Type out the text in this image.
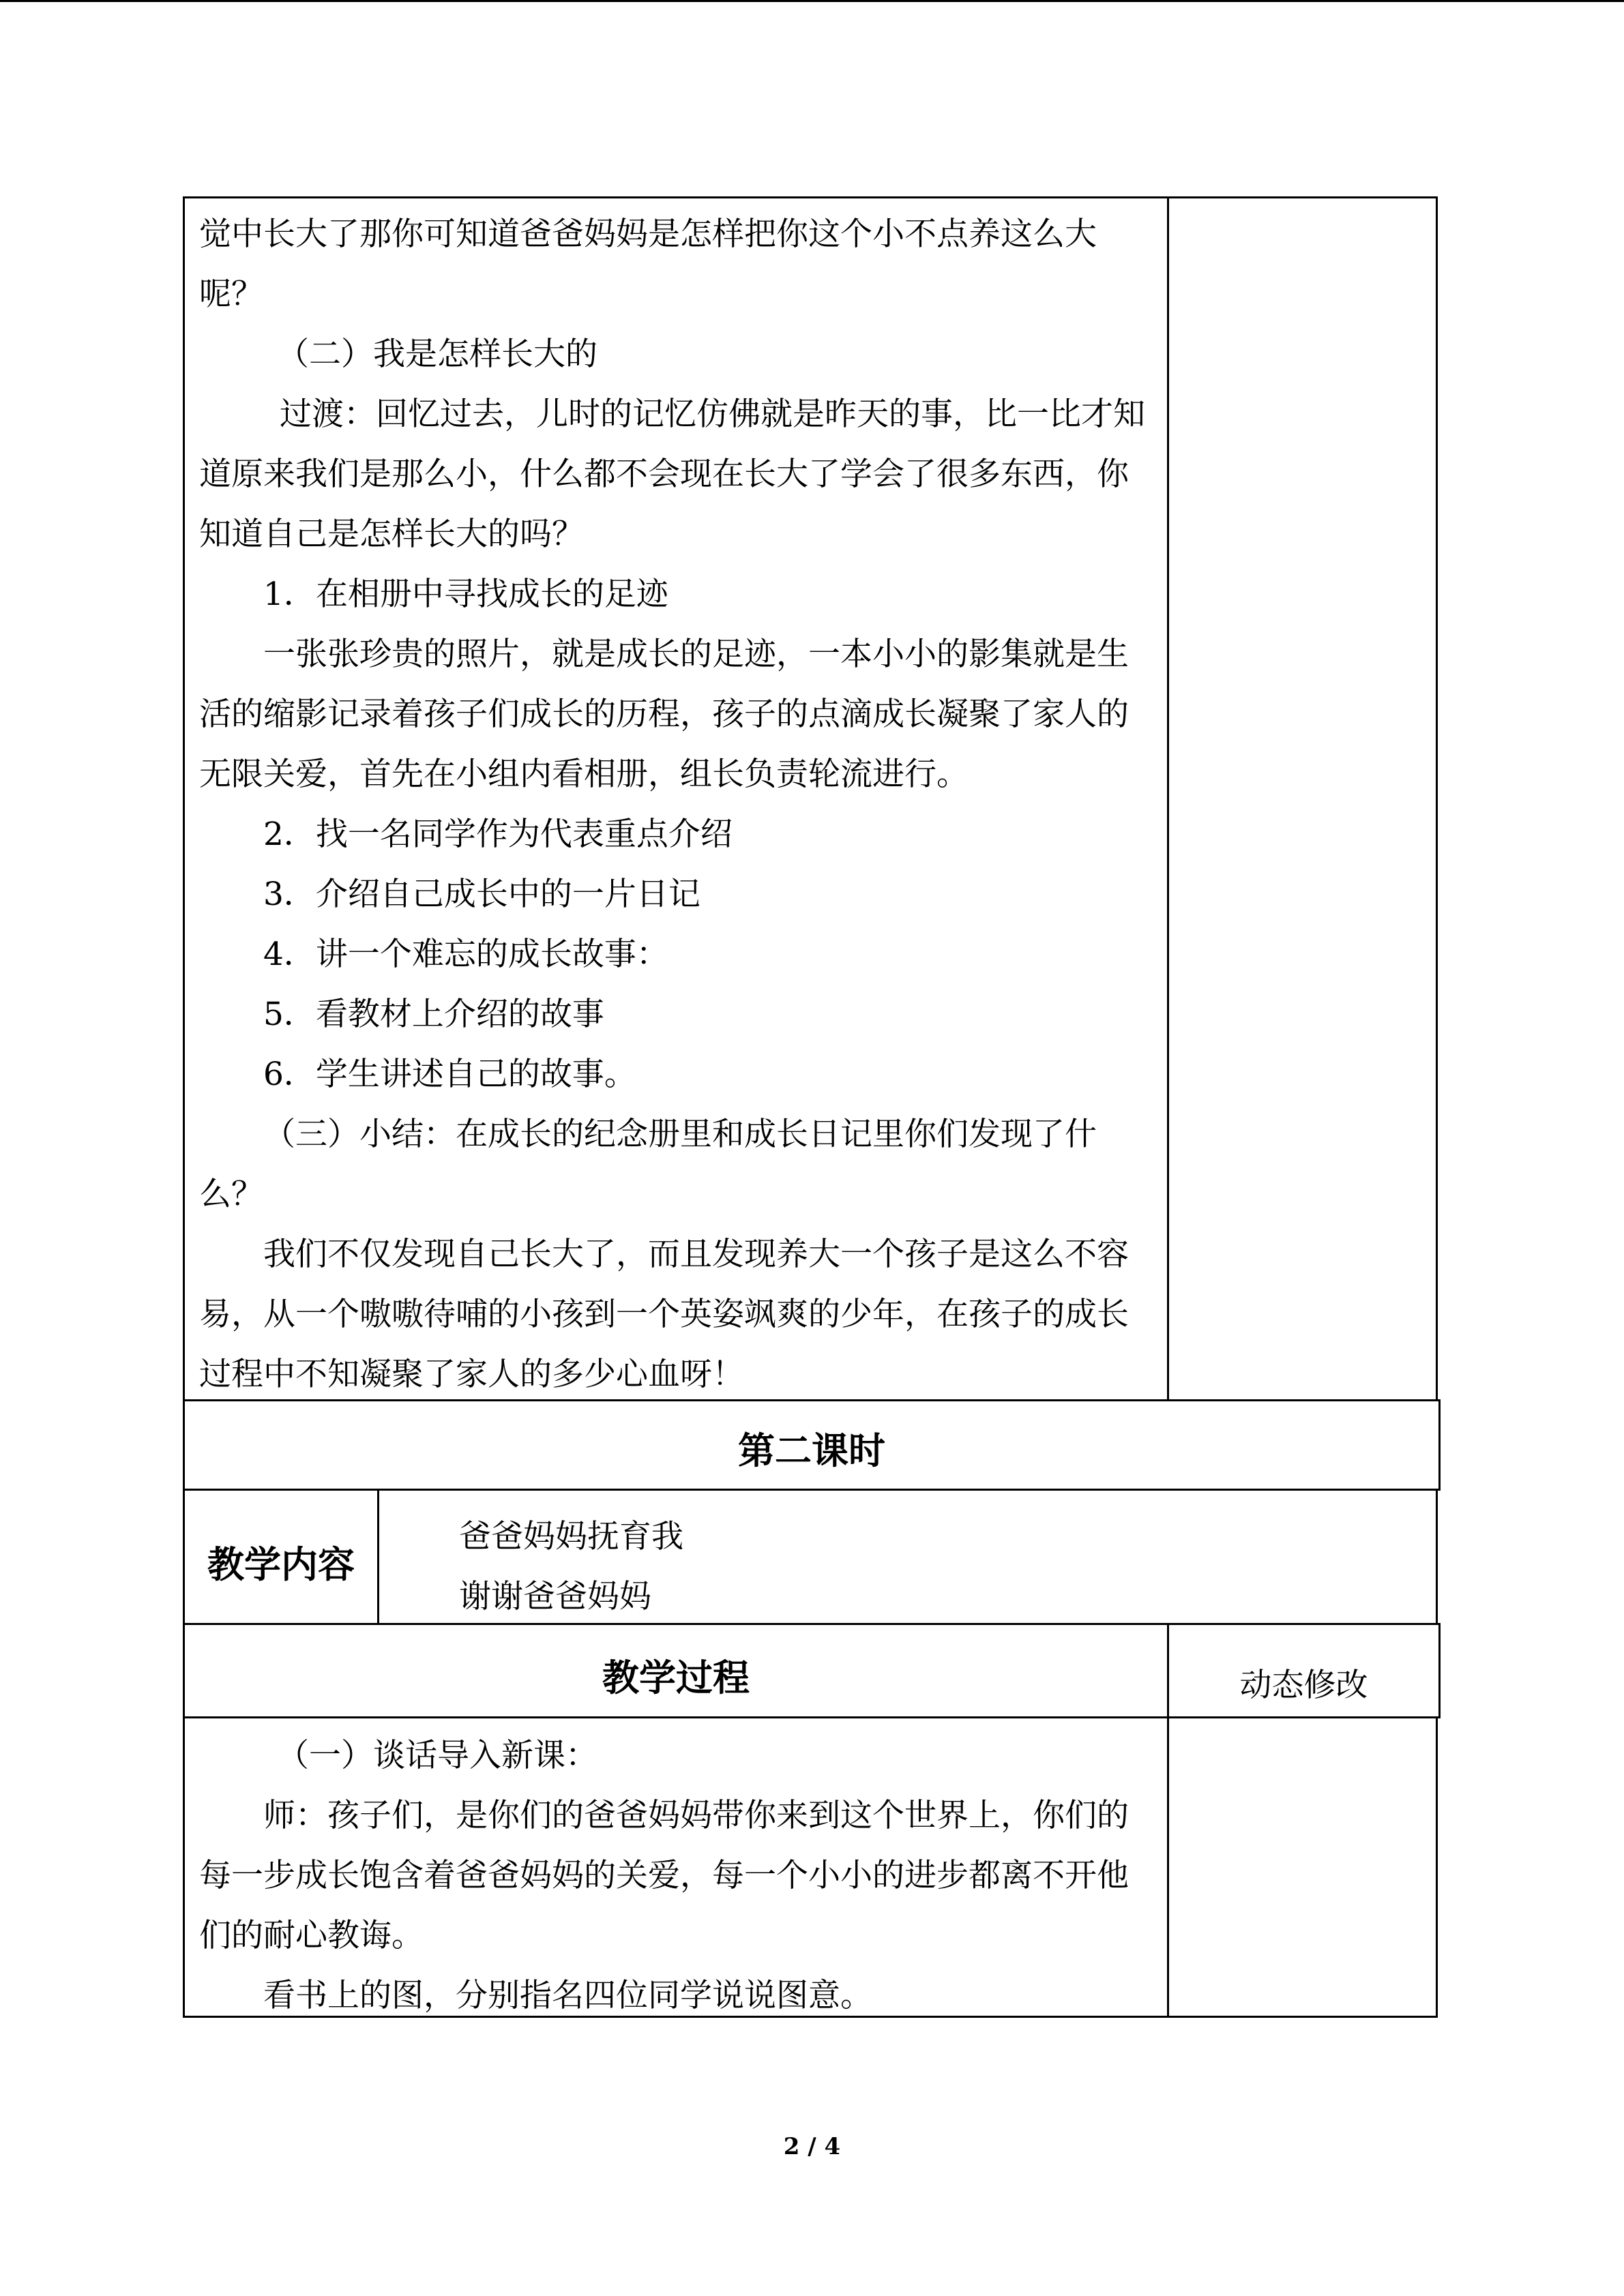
觉中长大了那你可知道爸爸妈妈是怎样把你这个小不点养这么大

呢？

（二）我是怎样长大的

过渡：回忆过去，儿时的记忆仿佛就是昨天的事，比一比才知

道原来我们是那么小，什么都不会现在长大了学会了很多东西，你

知道自己是怎样长大的吗？

1．在相册中寻找成长的足迹

一张张珍贵的照片，就是成长的足迹，一本小小的影集就是生

活的缩影记录着孩子们成长的历程，孩子的点滴成长凝聚了家人的

无限关爱，首先在小组内看相册，组长负责轮流进行。

2．找一名同学作为代表重点介绍

3．介绍自己成长中的一片日记

4．讲一个难忘的成长故事：

5．看教材上介绍的故事

6．学生讲述自己的故事。

（三）小结：在成长的纪念册里和成长日记里你们发现了什

么？

我们不仅发现自己长大了，而且发现养大一个孩子是这么不容

易，从一个嗷嗷待哺的小孩到一个英姿飒爽的少年，在孩子的成长

过程中不知凝聚了家人的多少心血呀！

第二课时
教学内容

爸爸妈妈抚育我

谢谢爸爸妈妈

教学过程	动态修改

（一）谈话导入新课：

师：孩子们，是你们的爸爸妈妈带你来到这个世界上，你们的

每一步成长饱含着爸爸妈妈的关爱，每一个小小的进步都离不开他

们的耐心教诲。

看书上的图，分别指名四位同学说说图意。

2 / 4
